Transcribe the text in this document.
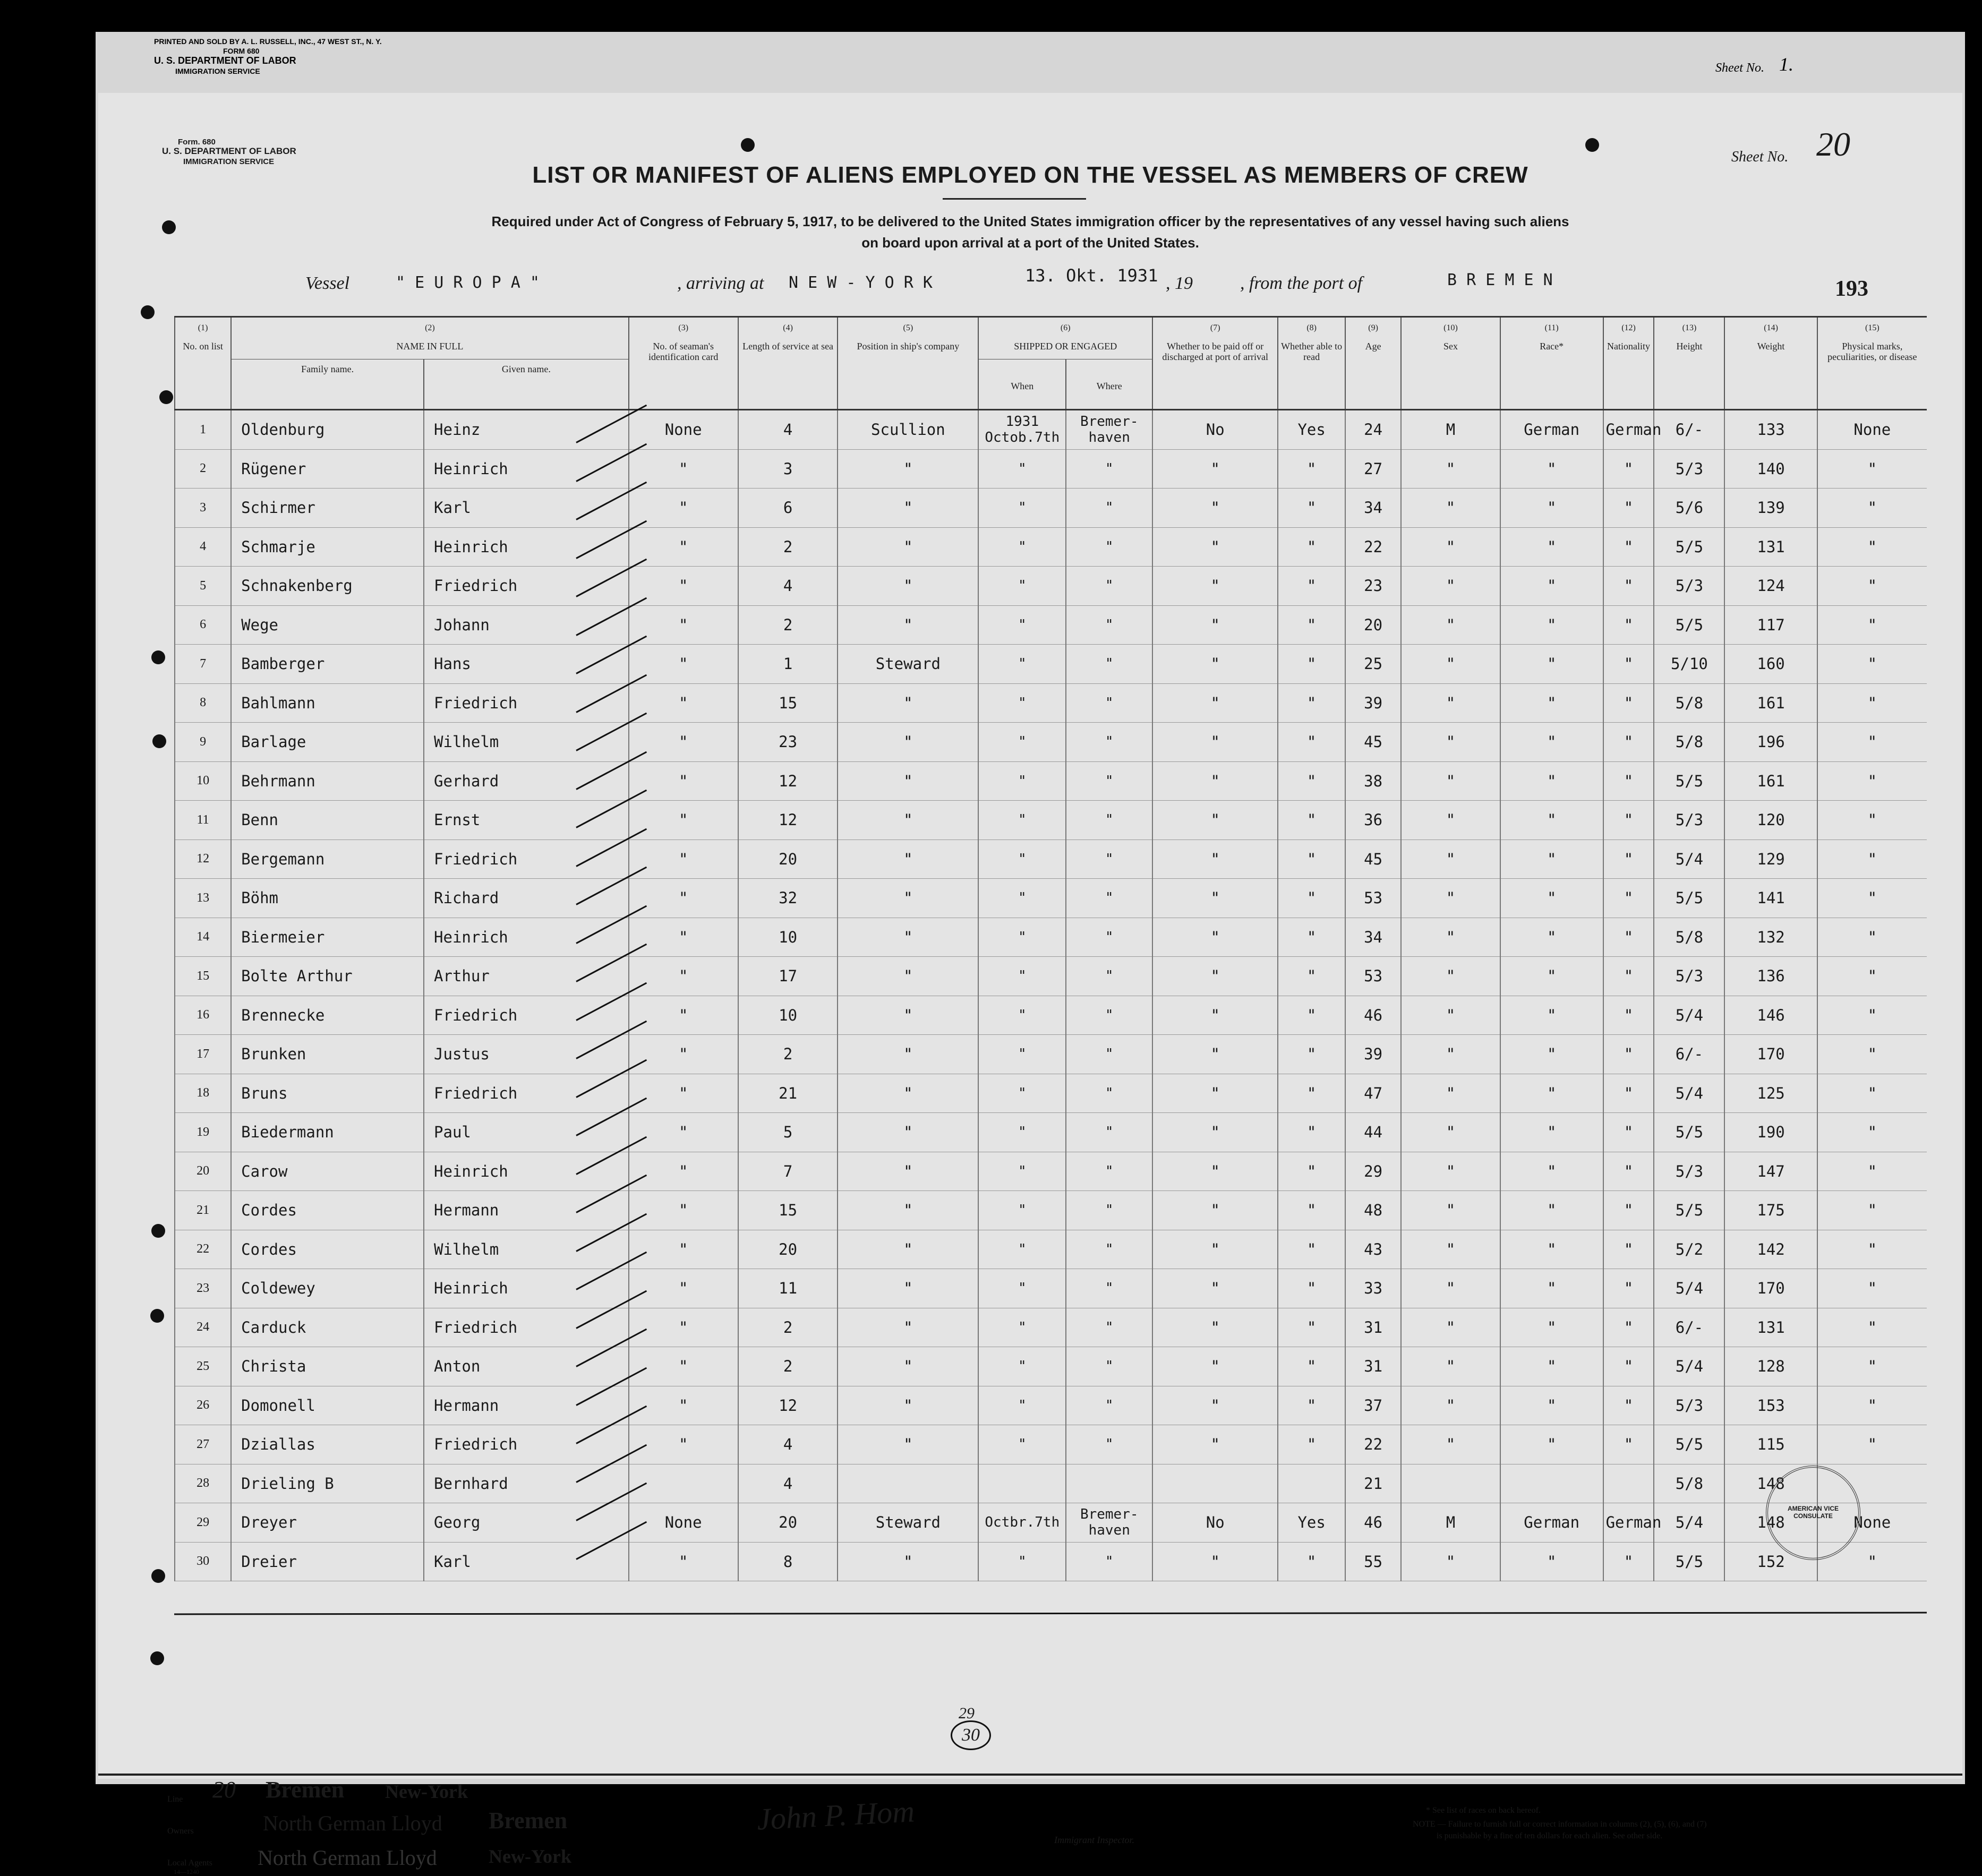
PRINTED AND SOLD BY A. L. RUSSELL, INC., 47 WEST ST., N. Y.
FORM 680
U. S. DEPARTMENT OF LABOR
IMMIGRATION SERVICE	Sheet No. 1.
Form. 680
U. S. DEPARTMENT OF LABOR
IMMIGRATION SERVICE	Sheet No. 20
LIST OR MANIFEST OF ALIENS EMPLOYED ON THE VESSEL AS MEMBERS OF CREW
Required under Act of Congress of February 5, 1917, to be delivered to the United States immigration officer by the representatives of any vessel having such aliens
on board upon arrival at a port of the United States.
Vessel	" E U R O P A "	, arriving at N E W - Y O R K	13. Okt. 1931 , 19	, from the port of	B R E M E N	193
(1)
No. on list	(2)
NAME IN FULL		(3)
No. of seaman's identification card	(4)
Length of service at sea	(5)
Position in ship's company	(6)
SHIPPED OR ENGAGED		(7)
Whether to be paid off or discharged at port of arrival	(8)
Whether able to read	(9)
Age	(10)
Sex	(11)
Race*	(12)
Nationality	(13)
Height	(14)
Weight	(15)
Physical marks, peculiarities, or disease
	Family name.	Given name.				When	Where									
1	Oldenburg	Heinz	None	4	Scullion	1931 Octob.7th	Bremer- haven	No	Yes	24	M	German	German	6/-	133	None
2	Rügener	Heinrich	"	3	"	"	"	"	"	27	"	"	"	5/3	140	"
3	Schirmer	Karl	"	6	"	"	"	"	"	34	"	"	"	5/6	139	"
4	Schmarje	Heinrich	"	2	"	"	"	"	"	22	"	"	"	5/5	131	"
5	Schnakenberg	Friedrich	"	4	"	"	"	"	"	23	"	"	"	5/3	124	"
6	Wege	Johann	"	2	"	"	"	"	"	20	"	"	"	5/5	117	"
7	Bamberger	Hans	"	1	Steward	"	"	"	"	25	"	"	"	5/10	160	"
8	Bahlmann	Friedrich	"	15	"	"	"	"	"	39	"	"	"	5/8	161	"
9	Barlage	Wilhelm	"	23	"	"	"	"	"	45	"	"	"	5/8	196	"
10	Behrmann	Gerhard	"	12	"	"	"	"	"	38	"	"	"	5/5	161	"
11	Benn	Ernst	"	12	"	"	"	"	"	36	"	"	"	5/3	120	"
12	Bergemann	Friedrich	"	20	"	"	"	"	"	45	"	"	"	5/4	129	"
13	Böhm	Richard	"	32	"	"	"	"	"	53	"	"	"	5/5	141	"
14	Biermeier	Heinrich	"	10	"	"	"	"	"	34	"	"	"	5/8	132	"
15	Bolte Arthur	Arthur	"	17	"	"	"	"	"	53	"	"	"	5/3	136	"
16	Brennecke	Friedrich	"	10	"	"	"	"	"	46	"	"	"	5/4	146	"
17	Brunken	Justus	"	2	"	"	"	"	"	39	"	"	"	6/-	170	"
18	Bruns	Friedrich	"	21	"	"	"	"	"	47	"	"	"	5/4	125	"
19	Biedermann	Paul	"	5	"	"	"	"	"	44	"	"	"	5/5	190	"
20	Carow	Heinrich	"	7	"	"	"	"	"	29	"	"	"	5/3	147	"
21	Cordes	Hermann	"	15	"	"	"	"	"	48	"	"	"	5/5	175	"
22	Cordes	Wilhelm	"	20	"	"	"	"	"	43	"	"	"	5/2	142	"
23	Coldewey	Heinrich	"	11	"	"	"	"	"	33	"	"	"	5/4	170	"
24	Carduck	Friedrich	"	2	"	"	"	"	"	31	"	"	"	6/-	131	"
25	Christa	Anton	"	2	"	"	"	"	"	31	"	"	"	5/4	128	"
26	Domonell	Hermann	"	12	"	"	"	"	"	37	"	"	"	5/3	153	"
27	Dziallas	Friedrich	"	4	"	"	"	"	"	22	"	"	"	5/5	115	"
28	Drieling B	Bernhard		4						21				5/8	148	
29	Dreyer	Georg	None	20	Steward	Octbr.7th	Bremer- haven	No	Yes	46	M	German	German	5/4	148	None
30	Dreier	Karl	"	8	"	"	"	"	"	55	"	"	"	5/5	152	"
29
30
AMERICAN VICE CONSULATE
Line 20 Bremen New-York
Owners	North German Lloyd Bremen
Local Agents
14—1240
North German Lloyd	New-York
John P. Hom
Immigrant Inspector.
* See list of races on back hereof.
NOTE — Failure to furnish full or correct information in columns (2), (5), (6), and (7)
is punishable by a fine of ten dollars for each alien. See other side.
